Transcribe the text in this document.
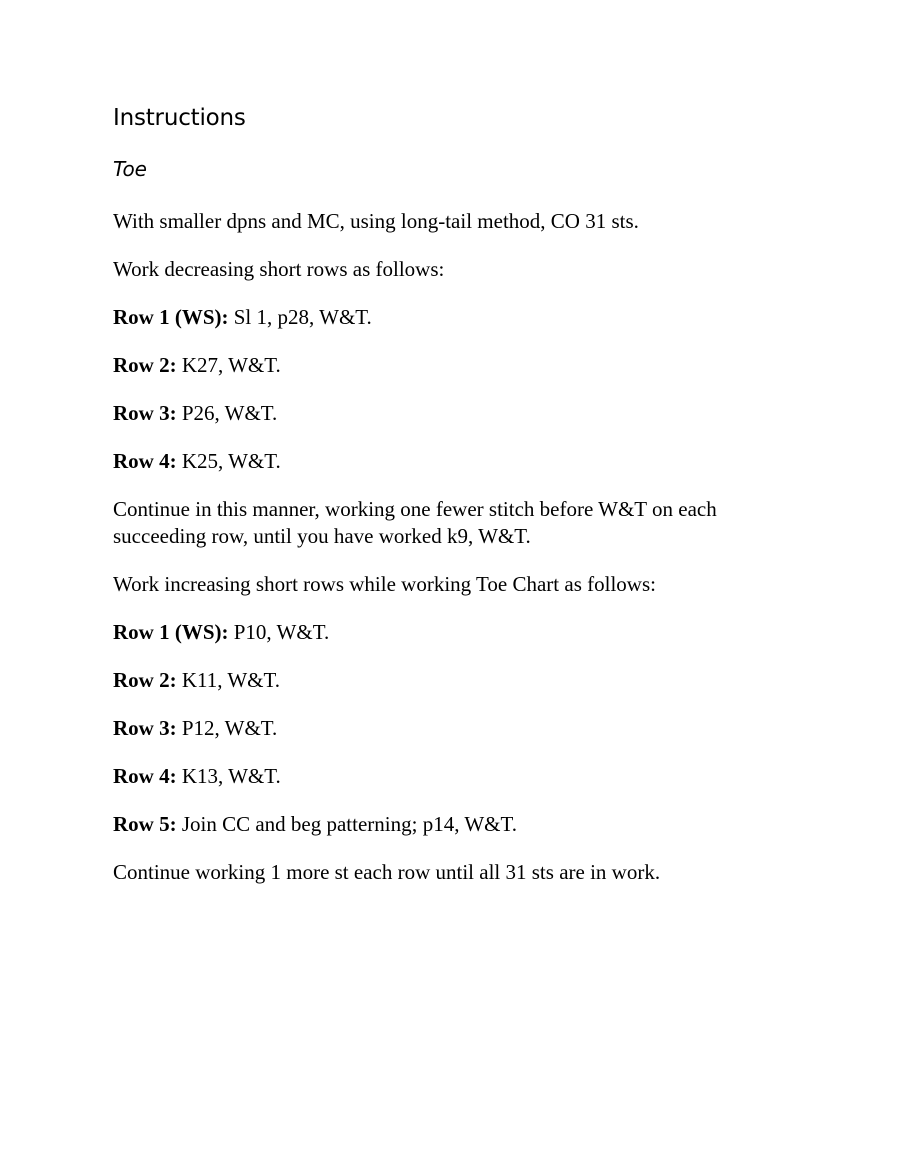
Instructions
Toe

With smaller dpns and MC, using long-tail method, CO 31 sts.

Work decreasing short rows as follows:

Row 1 (WS): Sl 1, p28, W&T.

Row 2: K27, W&T.

Row 3: P26, W&T.

Row 4: K25, W&T.

Continue in this manner, working one fewer stitch before W&T on each succeeding row, until you have worked k9, W&T.

Work increasing short rows while working Toe Chart as follows:

Row 1 (WS): P10, W&T.

Row 2: K11, W&T.

Row 3: P12, W&T.

Row 4: K13, W&T.

Row 5: Join CC and beg patterning; p14, W&T.

Continue working 1 more st each row until all 31 sts are in work.
